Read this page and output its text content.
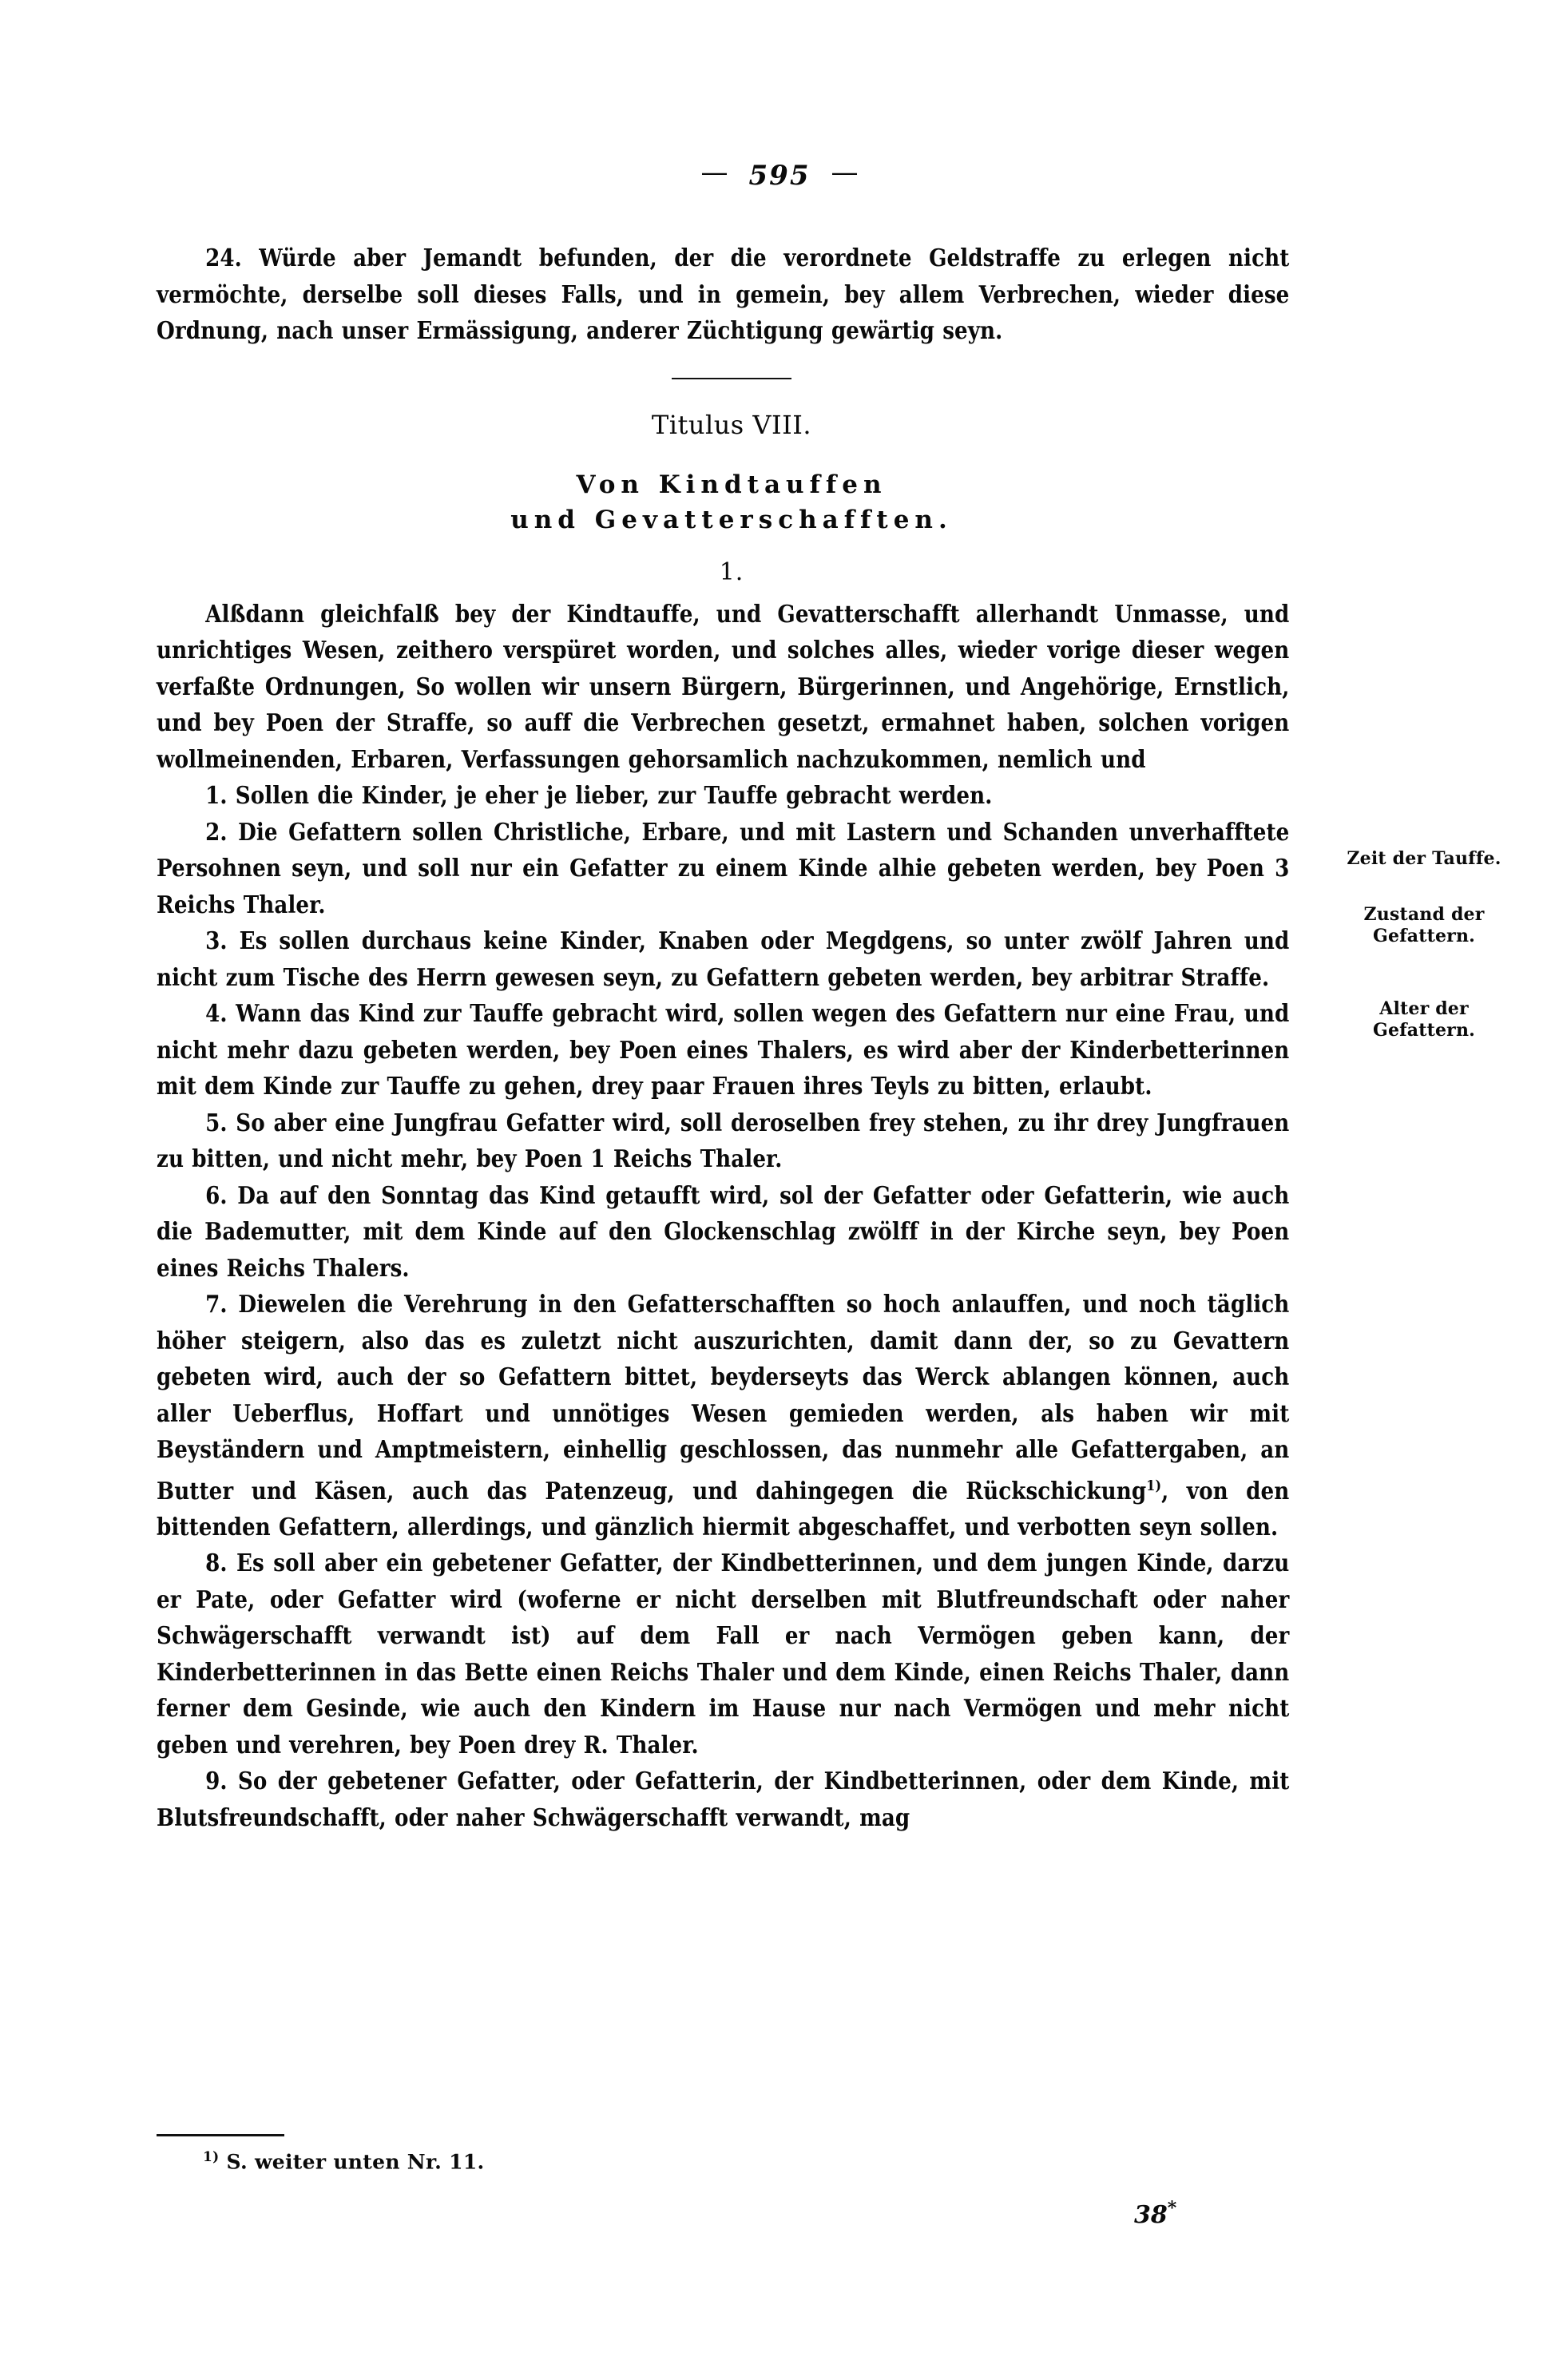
— 595 —

24. Würde aber Jemandt befunden, der die verordnete Geldstraffe zu erlegen nicht vermöchte, derselbe soll dieses Falls, und in gemein, bey allem Verbrechen, wieder diese Ordnung, nach unser Ermässigung, anderer Züchtigung gewärtig seyn.

Titulus VIII.
Von Kindtauffen
und Gevatterschafften.
1.

Alßdann gleichfalß bey der Kindtauffe, und Gevatterschafft allerhandt Unmasse, und unrichtiges Wesen, zeithero verspüret worden, und solches alles, wieder vorige dieser wegen verfaßte Ordnungen, So wollen wir unsern Bürgern, Bürgerinnen, und Angehörige, Ernstlich, und bey Poen der Straffe, so auff die Verbrechen gesetzt, ermahnet haben, solchen vorigen wollmeinenden, Erbaren, Verfassungen gehorsamlich nachzukommen, nemlich und

1. Sollen die Kinder, je eher je lieber, zur Tauffe gebracht werden.

2. Die Gefattern sollen Christliche, Erbare, und mit Lastern und Schanden unverhafftete Persohnen seyn, und soll nur ein Gefatter zu einem Kinde alhie gebeten werden, bey Poen 3 Reichs Thaler.

3. Es sollen durchaus keine Kinder, Knaben oder Megdgens, so unter zwölf Jahren und nicht zum Tische des Herrn gewesen seyn, zu Gefattern gebeten werden, bey arbitrar Straffe.

4. Wann das Kind zur Tauffe gebracht wird, sollen wegen des Gefattern nur eine Frau, und nicht mehr dazu gebeten werden, bey Poen eines Thalers, es wird aber der Kinderbetterinnen mit dem Kinde zur Tauffe zu gehen, drey paar Frauen ihres Teyls zu bitten, erlaubt.

5. So aber eine Jungfrau Gefatter wird, soll deroselben frey stehen, zu ihr drey Jungfrauen zu bitten, und nicht mehr, bey Poen 1 Reichs Thaler.

6. Da auf den Sonntag das Kind getaufft wird, sol der Gefatter oder Gefatterin, wie auch die Bademutter, mit dem Kinde auf den Glockenschlag zwölff in der Kirche seyn, bey Poen eines Reichs Thalers.

7. Diewelen die Verehrung in den Gefatterschafften so hoch anlauffen, und noch täglich höher steigern, also das es zuletzt nicht auszurichten, damit dann der, so zu Gevattern gebeten wird, auch der so Gefattern bittet, beyderseyts das Werck ablangen können, auch aller Ueberflus, Hoffart und unnötiges Wesen gemieden werden, als haben wir mit Beyständern und Amptmeistern, einhellig geschlossen, das nunmehr alle Gefattergaben, an Butter und Käsen, auch das Patenzeug, und dahingegen die Rückschickung$^{1)}$, von den bittenden Gefattern, allerdings, und gänzlich hiermit abgeschaffet, und verbotten seyn sollen.

8. Es soll aber ein gebetener Gefatter, der Kindbetterinnen, und dem jungen Kinde, darzu er Pate, oder Gefatter wird (woferne er nicht derselben mit Blutfreundschaft oder naher Schwägerschafft verwandt ist) auf dem Fall er nach Vermögen geben kann, der Kinderbetterinnen in das Bette einen Reichs Thaler und dem Kinde, einen Reichs Thaler, dann ferner dem Gesinde, wie auch den Kindern im Hause nur nach Vermögen und mehr nicht geben und verehren, bey Poen drey R. Thaler.

9. So der gebetener Gefatter, oder Gefatterin, der Kindbetterinnen, oder dem Kinde, mit Blutsfreundschafft, oder naher Schwägerschafft verwandt, mag

Zeit der Tauffe.
Zustand der Gefattern.
Alter der Gefattern.

$^{1)}$ S. weiter unten Nr. 11.

38*
